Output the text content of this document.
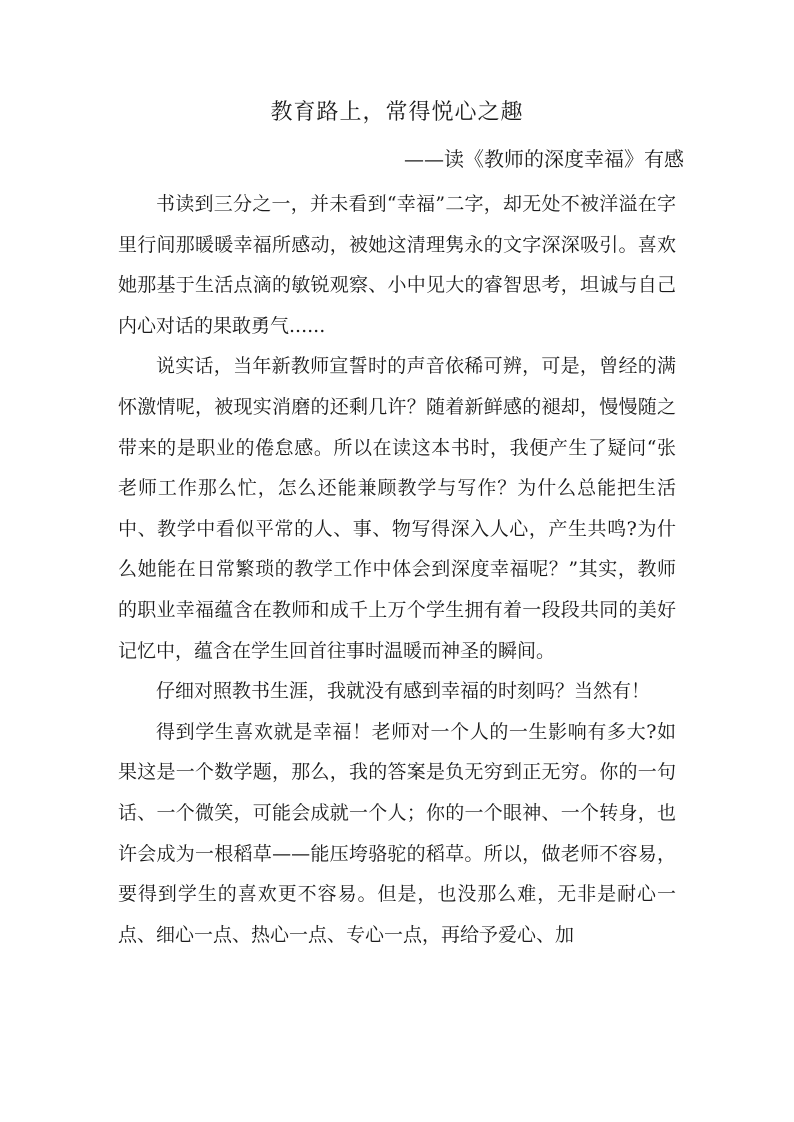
教育路上，常得悦心之趣
——读《教师的深度幸福》有感

书读到三分之一，并未看到“幸福”二字，却无处不被洋溢在字里行间那暖暖幸福所感动，被她这清理隽永的文字深深吸引。喜欢她那基于生活点滴的敏锐观察、小中见大的睿智思考，坦诚与自己内心对话的果敢勇气......

说实话，当年新教师宣誓时的声音依稀可辨，可是，曾经的满怀激情呢，被现实消磨的还剩几许？随着新鲜感的褪却，慢慢随之带来的是职业的倦怠感。所以在读这本书时，我便产生了疑问“张老师工作那么忙，怎么还能兼顾教学与写作？为什么总能把生活中、教学中看似平常的人、事、物写得深入人心，产生共鸣?为什么她能在日常繁琐的教学工作中体会到深度幸福呢？”其实，教师的职业幸福蕴含在教师和成千上万个学生拥有着一段段共同的美好记忆中，蕴含在学生回首往事时温暖而神圣的瞬间。

仔细对照教书生涯，我就没有感到幸福的时刻吗？当然有！

得到学生喜欢就是幸福！老师对一个人的一生影响有多大?如果这是一个数学题，那么，我的答案是负无穷到正无穷。你的一句话、一个微笑，可能会成就一个人；你的一个眼神、一个转身，也许会成为一根稻草——能压垮骆驼的稻草。所以，做老师不容易，要得到学生的喜欢更不容易。但是，也没那么难，无非是耐心一点、细心一点、热心一点、专心一点，再给予爱心、加
